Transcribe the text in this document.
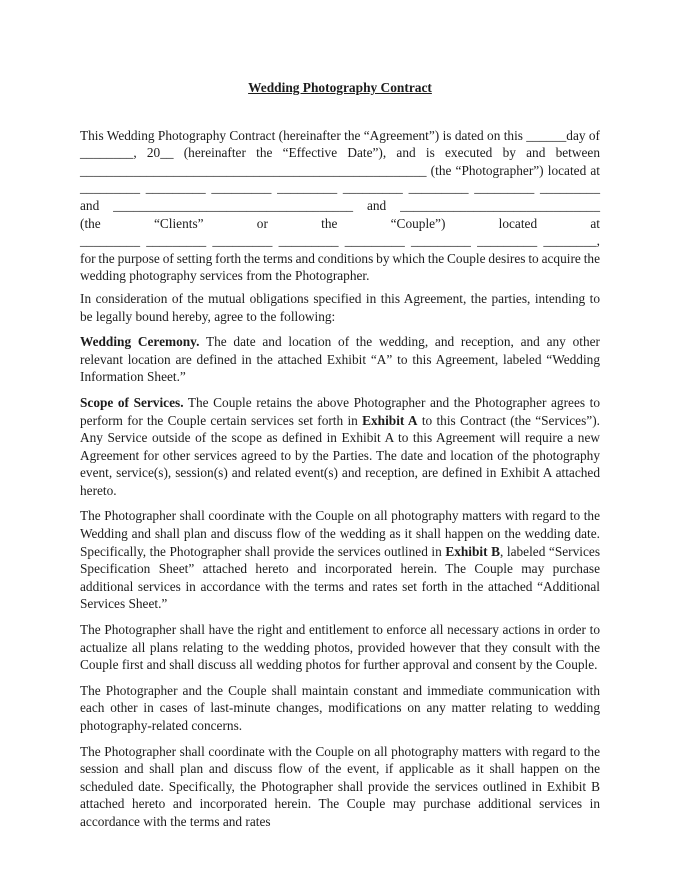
Wedding Photography Contract
This Wedding Photography Contract (hereinafter the “Agreement”) is dated on this ______day of
________, 20__ (hereinafter the “Effective Date”), and is executed by and between
____________________________________________________ (the “Photographer”) located at
_________ _________ _________ _________ _________ _________ _________ _________
and ____________________________________ and ______________________________
(the “Clients” or the “Couple”) located at
_________ _________ _________ _________ _________ _________ _________ ________,
for the purpose of setting forth the terms and conditions by which the Couple desires to acquire the
wedding photography services from the Photographer.

In consideration of the mutual obligations specified in this Agreement, the parties, intending to be legally bound hereby, agree to the following:

Wedding Ceremony. The date and location of the wedding, and reception, and any other relevant location are defined in the attached Exhibit “A” to this Agreement, labeled “Wedding Information Sheet.”

Scope of Services. The Couple retains the above Photographer and the Photographer agrees to perform for the Couple certain services set forth in Exhibit A to this Contract (the “Services”). Any Service outside of the scope as defined in Exhibit A to this Agreement will require a new Agreement for other services agreed to by the Parties. The date and location of the photography event, service(s), session(s) and related event(s) and reception, are defined in Exhibit A attached hereto.

The Photographer shall coordinate with the Couple on all photography matters with regard to the Wedding and shall plan and discuss flow of the wedding as it shall happen on the wedding date. Specifically, the Photographer shall provide the services outlined in Exhibit B, labeled “Services Specification Sheet” attached hereto and incorporated herein. The Couple may purchase additional services in accordance with the terms and rates set forth in the attached “Additional Services Sheet.”

The Photographer shall have the right and entitlement to enforce all necessary actions in order to actualize all plans relating to the wedding photos, provided however that they consult with the Couple first and shall discuss all wedding photos for further approval and consent by the Couple.

The Photographer and the Couple shall maintain constant and immediate communication with each other in cases of last-minute changes, modifications on any matter relating to wedding photography-related concerns.

The Photographer shall coordinate with the Couple on all photography matters with regard to the session and shall plan and discuss flow of the event, if applicable as it shall happen on the scheduled date. Specifically, the Photographer shall provide the services outlined in Exhibit B attached hereto and incorporated herein. The Couple may purchase additional services in accordance with the terms and rates
